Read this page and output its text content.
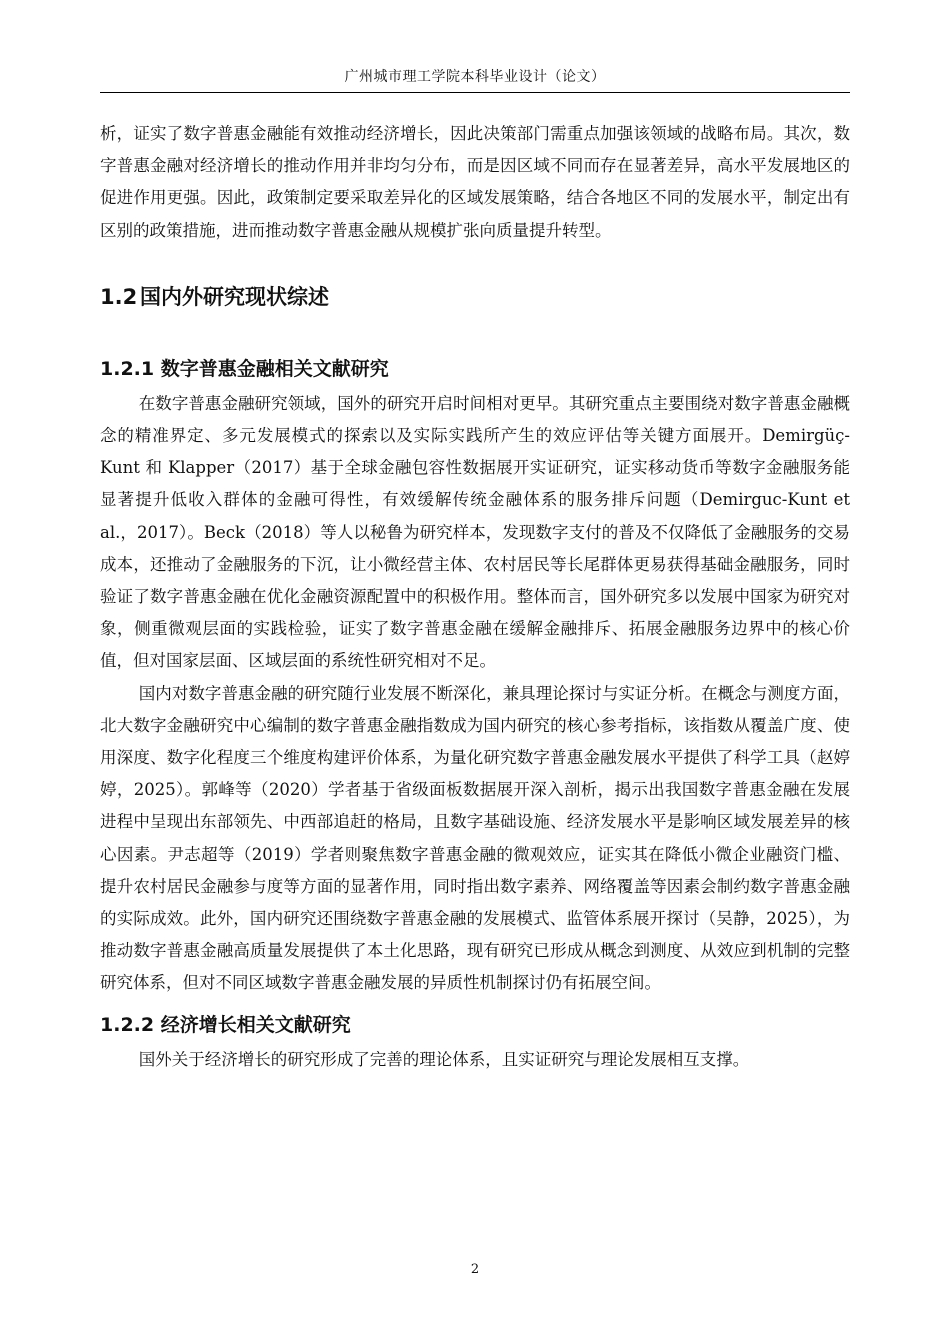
广州城市理工学院本科毕业设计（论文）

析，证实了数字普惠金融能有效推动经济增长，因此决策部门需重点加强该领域的战略布局。其次，数字普惠金融对经济增长的推动作用并非均匀分布，而是因区域不同而存在显著差异，高水平发展地区的促进作用更强。因此，政策制定要采取差异化的区域发展策略，结合各地区不同的发展水平，制定出有区别的政策措施，进而推动数字普惠金融从规模扩张向质量提升转型。

1.2 国内外研究现状综述
1.2.1 数字普惠金融相关文献研究

在数字普惠金融研究领域，国外的研究开启时间相对更早。其研究重点主要围绕对数字普惠金融概念的精准界定、多元发展模式的探索以及实际实践所产生的效应评估等关键方面展开。Demirgüç-Kunt 和 Klapper（2017）基于全球金融包容性数据展开实证研究，证实移动货币等数字金融服务能显著提升低收入群体的金融可得性，有效缓解传统金融体系的服务排斥问题（Demirguc-Kunt et al.，2017）。Beck（2018）等人以秘鲁为研究样本，发现数字支付的普及不仅降低了金融服务的交易成本，还推动了金融服务的下沉，让小微经营主体、农村居民等长尾群体更易获得基础金融服务，同时验证了数字普惠金融在优化金融资源配置中的积极作用。整体而言，国外研究多以发展中国家为研究对象，侧重微观层面的实践检验，证实了数字普惠金融在缓解金融排斥、拓展金融服务边界中的核心价值，但对国家层面、区域层面的系统性研究相对不足。

国内对数字普惠金融的研究随行业发展不断深化，兼具理论探讨与实证分析。在概念与测度方面，北大数字金融研究中心编制的数字普惠金融指数成为国内研究的核心参考指标，该指数从覆盖广度、使用深度、数字化程度三个维度构建评价体系，为量化研究数字普惠金融发展水平提供了科学工具（赵婷婷，2025）。郭峰等（2020）学者基于省级面板数据展开深入剖析，揭示出我国数字普惠金融在发展进程中呈现出东部领先、中西部追赶的格局，且数字基础设施、经济发展水平是影响区域发展差异的核心因素。尹志超等（2019）学者则聚焦数字普惠金融的微观效应，证实其在降低小微企业融资门槛、提升农村居民金融参与度等方面的显著作用，同时指出数字素养、网络覆盖等因素会制约数字普惠金融的实际成效。此外，国内研究还围绕数字普惠金融的发展模式、监管体系展开探讨（吴静，2025），为推动数字普惠金融高质量发展提供了本土化思路，现有研究已形成从概念到测度、从效应到机制的完整研究体系，但对不同区域数字普惠金融发展的异质性机制探讨仍有拓展空间。

1.2.2 经济增长相关文献研究

国外关于经济增长的研究形成了完善的理论体系，且实证研究与理论发展相互支撑。

2
